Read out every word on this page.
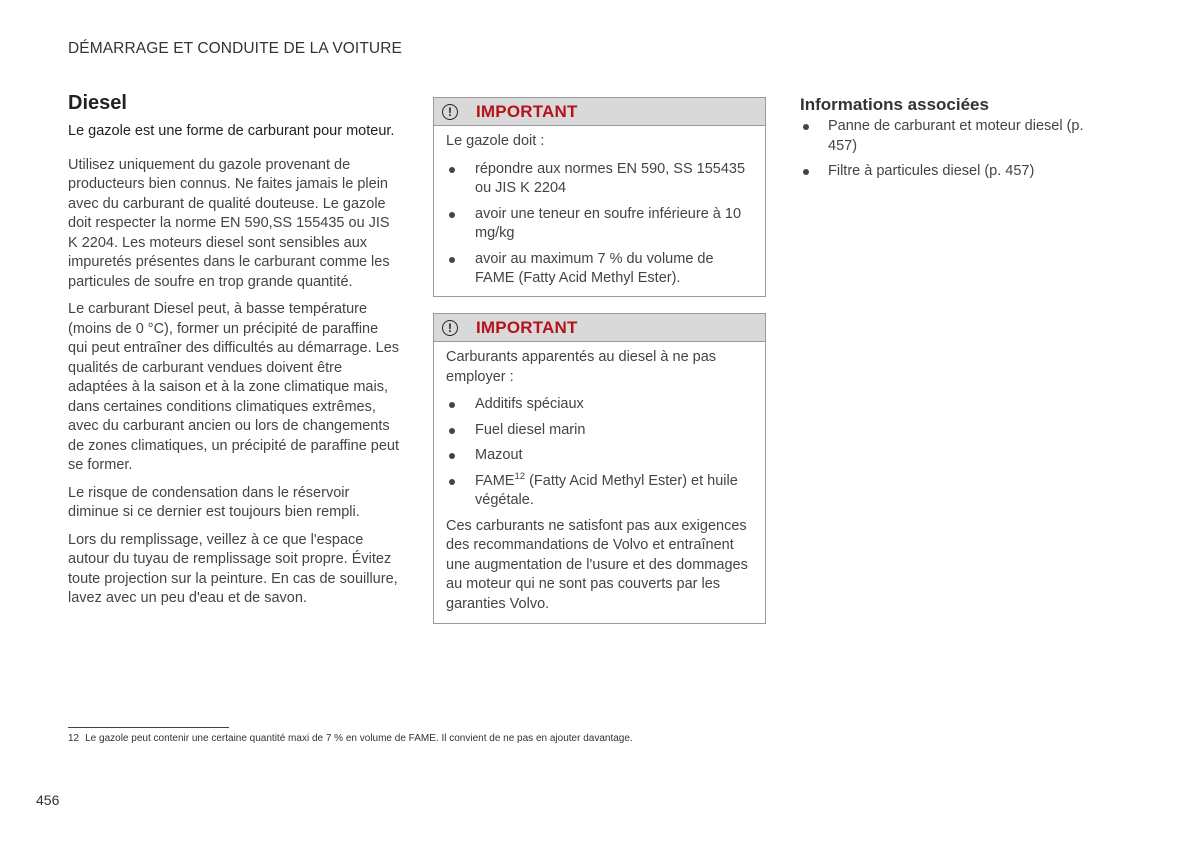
DÉMARRAGE ET CONDUITE DE LA VOITURE
Diesel

Le gazole est une forme de carburant pour moteur.

Utilisez uniquement du gazole provenant de producteurs bien connus. Ne faites jamais le plein avec du carburant de qualité douteuse. Le gazole doit respecter la norme EN 590,SS 155435 ou JIS K 2204. Les moteurs diesel sont sensibles aux impuretés présentes dans le carburant comme les particules de soufre en trop grande quantité.

Le carburant Diesel peut, à basse température (moins de 0 °C), former un précipité de paraffine qui peut entraîner des difficultés au démarrage. Les qualités de carburant vendues doivent être adaptées à la saison et à la zone climatique mais, dans certaines conditions climatiques extrêmes, avec du carburant ancien ou lors de changements de zones climatiques, un précipité de paraffine peut se former.

Le risque de condensation dans le réservoir diminue si ce dernier est toujours bien rempli.

Lors du remplissage, veillez à ce que l'espace autour du tuyau de remplissage soit propre. Évitez toute projection sur la peinture. En cas de souillure, lavez avec un peu d'eau et de savon.

!	IMPORTANT

Le gazole doit :

répondre aux normes EN 590, SS 155435 ou JIS K 2204
avoir une teneur en soufre inférieure à 10 mg/kg
avoir au maximum 7 % du volume de FAME (Fatty Acid Methyl Ester).
!	IMPORTANT

Carburants apparentés au diesel à ne pas employer :

Additifs spéciaux
Fuel diesel marin
Mazout
FAME$^{12}$ (Fatty Acid Methyl Ester) et huile végétale.

Ces carburants ne satisfont pas aux exigences des recommandations de Volvo et entraînent une augmentation de l'usure et des dommages au moteur qui ne sont pas couverts par les garanties Volvo.

Informations associées
Panne de carburant et moteur diesel (p. 457)
Filtre à particules diesel (p. 457)
12 Le gazole peut contenir une certaine quantité maxi de 7 % en volume de FAME. Il convient de ne pas en ajouter davantage.
456
